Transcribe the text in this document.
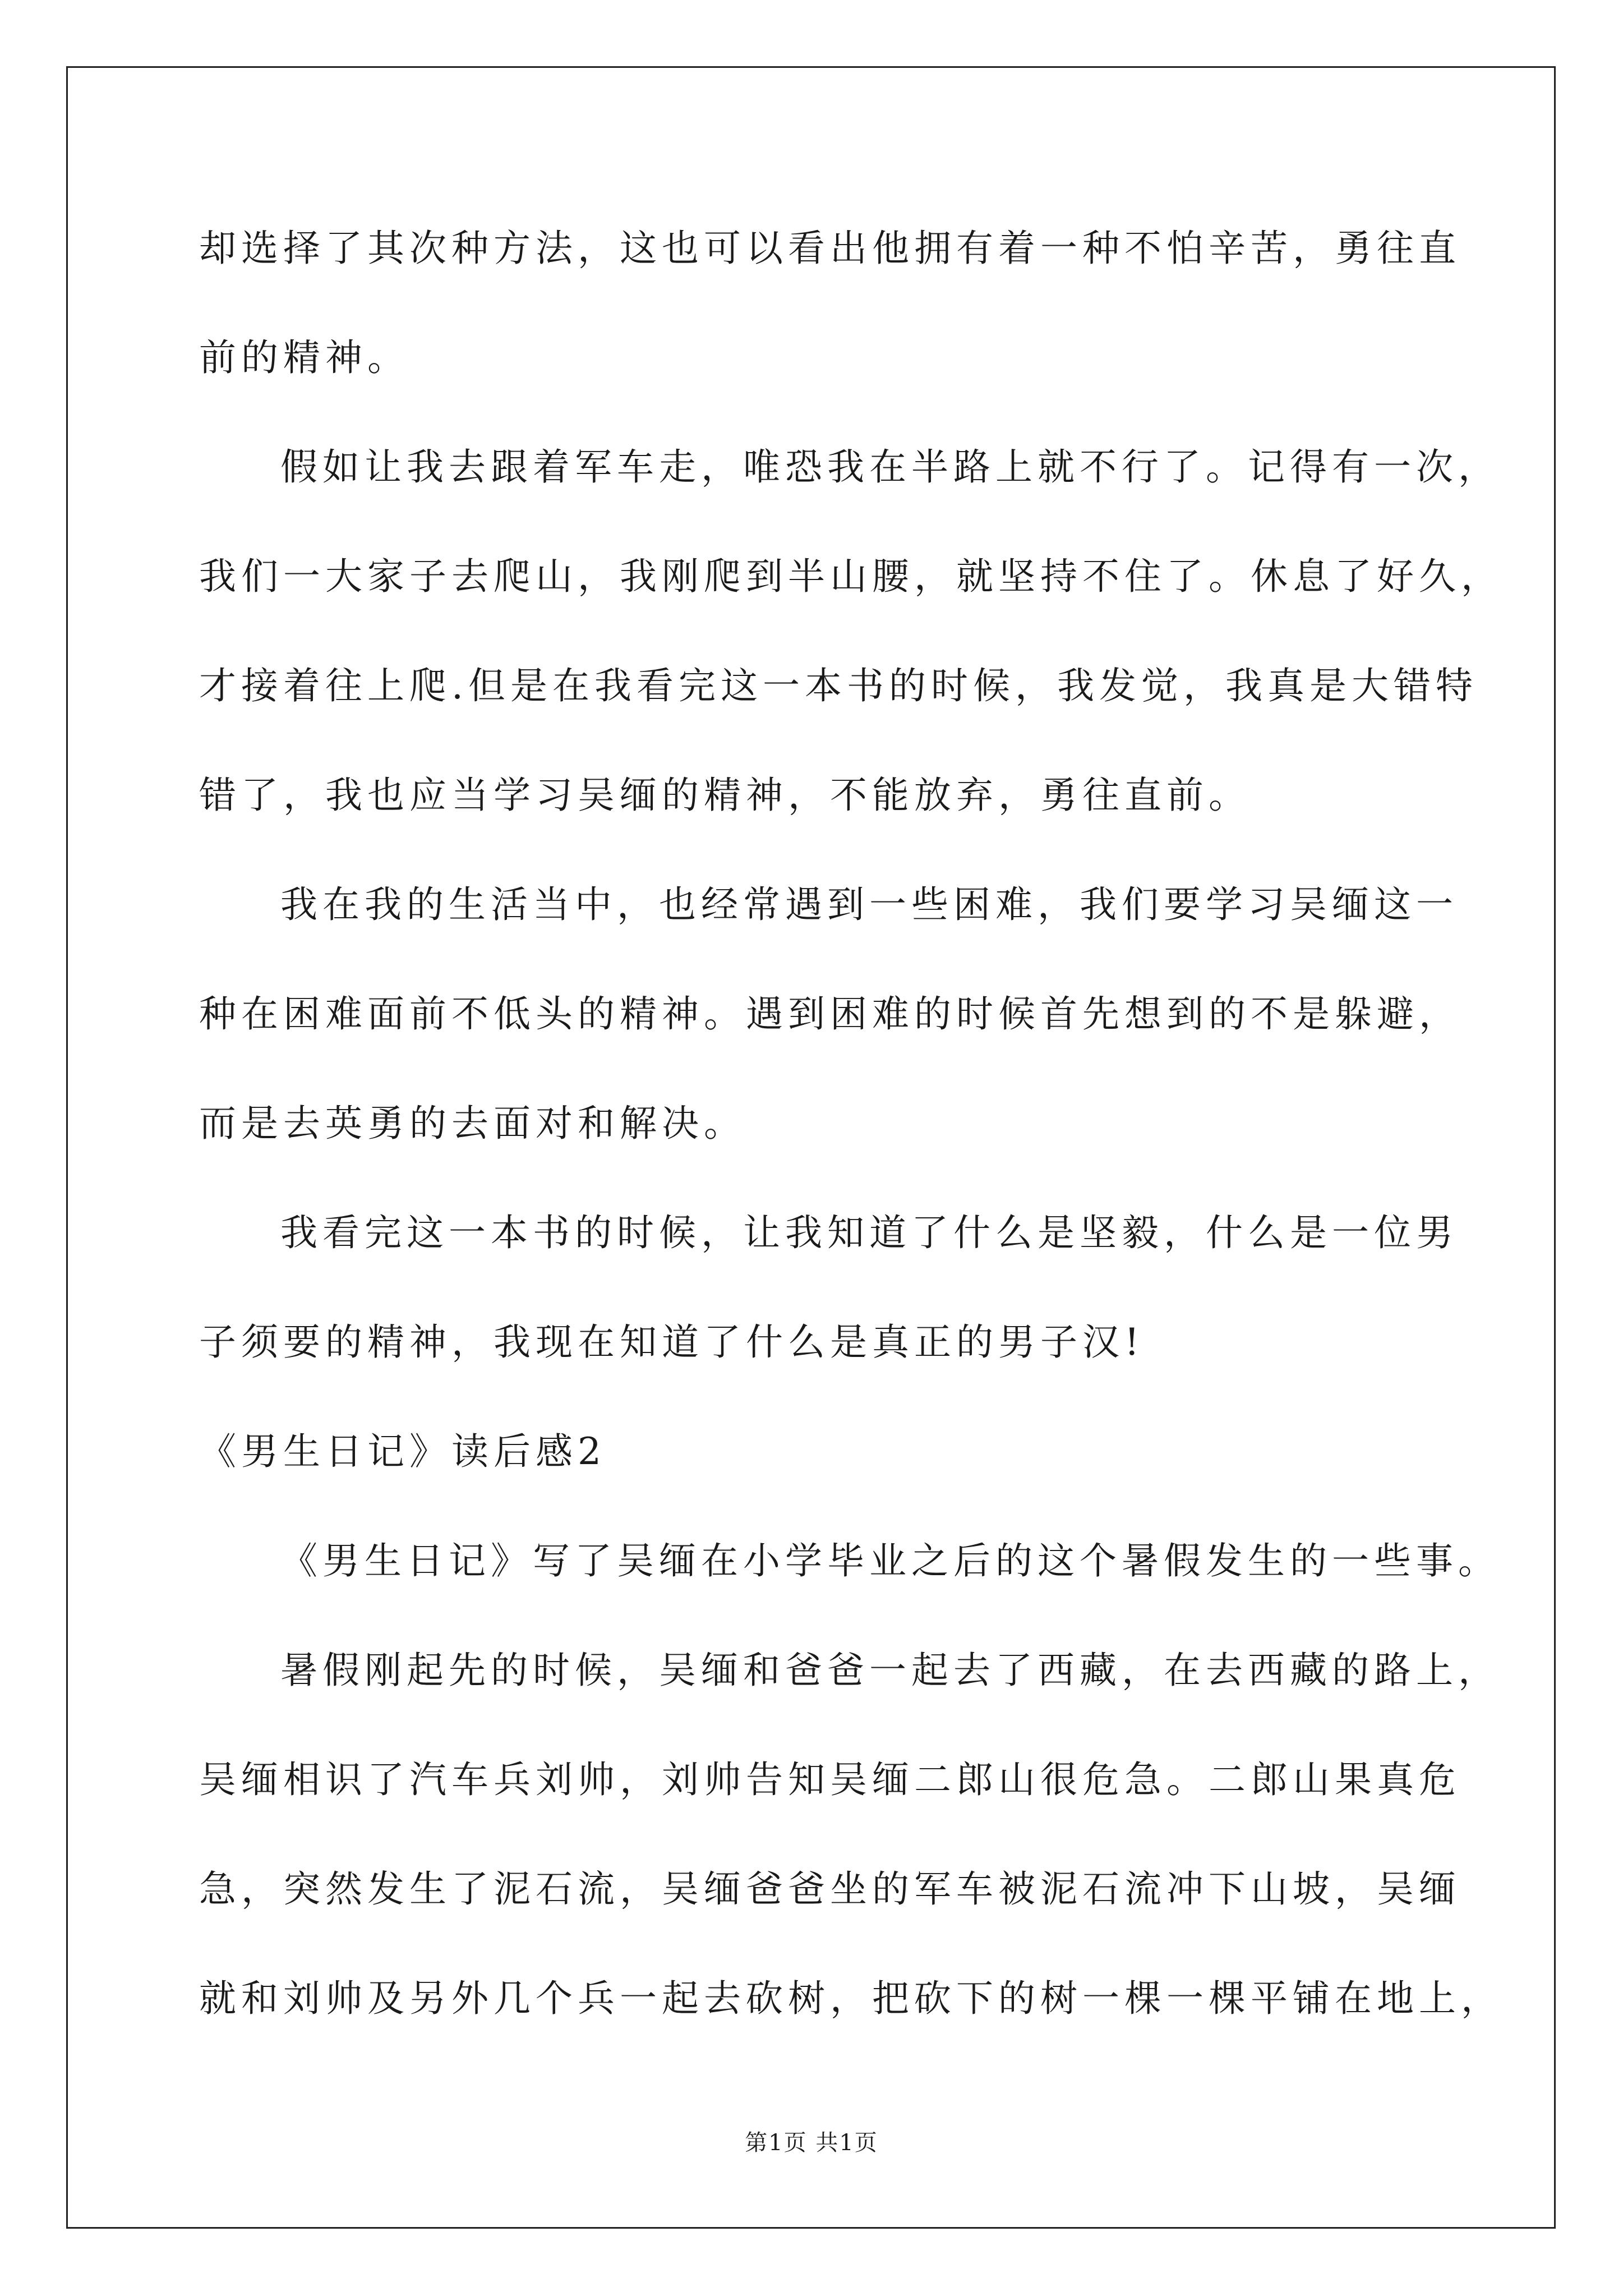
却选择了其次种方法，这也可以看出他拥有着一种不怕辛苦，勇往直
前的精神。
假如让我去跟着军车走，唯恐我在半路上就不行了。记得有一次，
我们一大家子去爬山，我刚爬到半山腰，就坚持不住了。休息了好久，
才接着往上爬.但是在我看完这一本书的时候，我发觉，我真是大错特
错了，我也应当学习吴缅的精神，不能放弃，勇往直前。
我在我的生活当中，也经常遇到一些困难，我们要学习吴缅这一
种在困难面前不低头的精神。遇到困难的时候首先想到的不是躲避，
而是去英勇的去面对和解决。
我看完这一本书的时候，让我知道了什么是坚毅，什么是一位男
子须要的精神，我现在知道了什么是真正的男子汉!
《男生日记》读后感2
《男生日记》写了吴缅在小学毕业之后的这个暑假发生的一些事。
暑假刚起先的时候，吴缅和爸爸一起去了西藏，在去西藏的路上，
吴缅相识了汽车兵刘帅，刘帅告知吴缅二郎山很危急。二郎山果真危
急，突然发生了泥石流，吴缅爸爸坐的军车被泥石流冲下山坡，吴缅
就和刘帅及另外几个兵一起去砍树，把砍下的树一棵一棵平铺在地上，
第1页 共1页
